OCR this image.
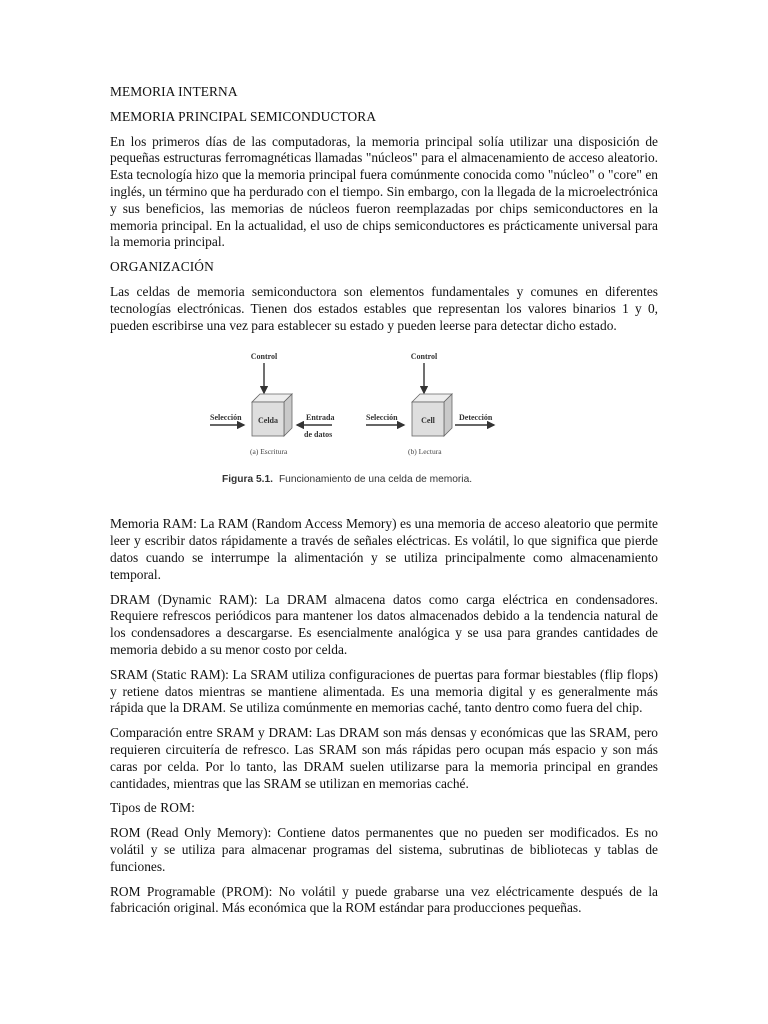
MEMORIA INTERNA
MEMORIA PRINCIPAL SEMICONDUCTORA

En los primeros días de las computadoras, la memoria principal solía utilizar una disposición de pequeñas estructuras ferromagnéticas llamadas "núcleos" para el almacenamiento de acceso aleatorio. Esta tecnología hizo que la memoria principal fuera comúnmente conocida como "núcleo" o "core" en inglés, un término que ha perdurado con el tiempo. Sin embargo, con la llegada de la microelectrónica y sus beneficios, las memorias de núcleos fueron reemplazadas por chips semiconductores en la memoria principal. En la actualidad, el uso de chips semiconductores es prácticamente universal para la memoria principal.

ORGANIZACIÓN

Las celdas de memoria semiconductora son elementos fundamentales y comunes en diferentes tecnologías electrónicas. Tienen dos estados estables que representan los valores binarios 1 y 0, pueden escribirse una vez para establecer su estado y pueden leerse para detectar dicho estado.

Control
Selección Celda	Entrada
de datos
(a) Escritura
Control
Selección	Cell	Detección
(b) Lectura
Figura 5.1. Funcionamiento de una celda de memoria.

Memoria RAM: La RAM (Random Access Memory) es una memoria de acceso aleatorio que permite leer y escribir datos rápidamente a través de señales eléctricas. Es volátil, lo que significa que pierde datos cuando se interrumpe la alimentación y se utiliza principalmente como almacenamiento temporal.

DRAM (Dynamic RAM): La DRAM almacena datos como carga eléctrica en condensadores. Requiere refrescos periódicos para mantener los datos almacenados debido a la tendencia natural de los condensadores a descargarse. Es esencialmente analógica y se usa para grandes cantidades de memoria debido a su menor costo por celda.

SRAM (Static RAM): La SRAM utiliza configuraciones de puertas para formar biestables (flip flops) y retiene datos mientras se mantiene alimentada. Es una memoria digital y es generalmente más rápida que la DRAM. Se utiliza comúnmente en memorias caché, tanto dentro como fuera del chip.

Comparación entre SRAM y DRAM: Las DRAM son más densas y económicas que las SRAM, pero requieren circuitería de refresco. Las SRAM son más rápidas pero ocupan más espacio y son más caras por celda. Por lo tanto, las DRAM suelen utilizarse para la memoria principal en grandes cantidades, mientras que las SRAM se utilizan en memorias caché.

Tipos de ROM:

ROM (Read Only Memory): Contiene datos permanentes que no pueden ser modificados. Es no volátil y se utiliza para almacenar programas del sistema, subrutinas de bibliotecas y tablas de funciones.

ROM Programable (PROM): No volátil y puede grabarse una vez eléctricamente después de la fabricación original. Más económica que la ROM estándar para producciones pequeñas.
